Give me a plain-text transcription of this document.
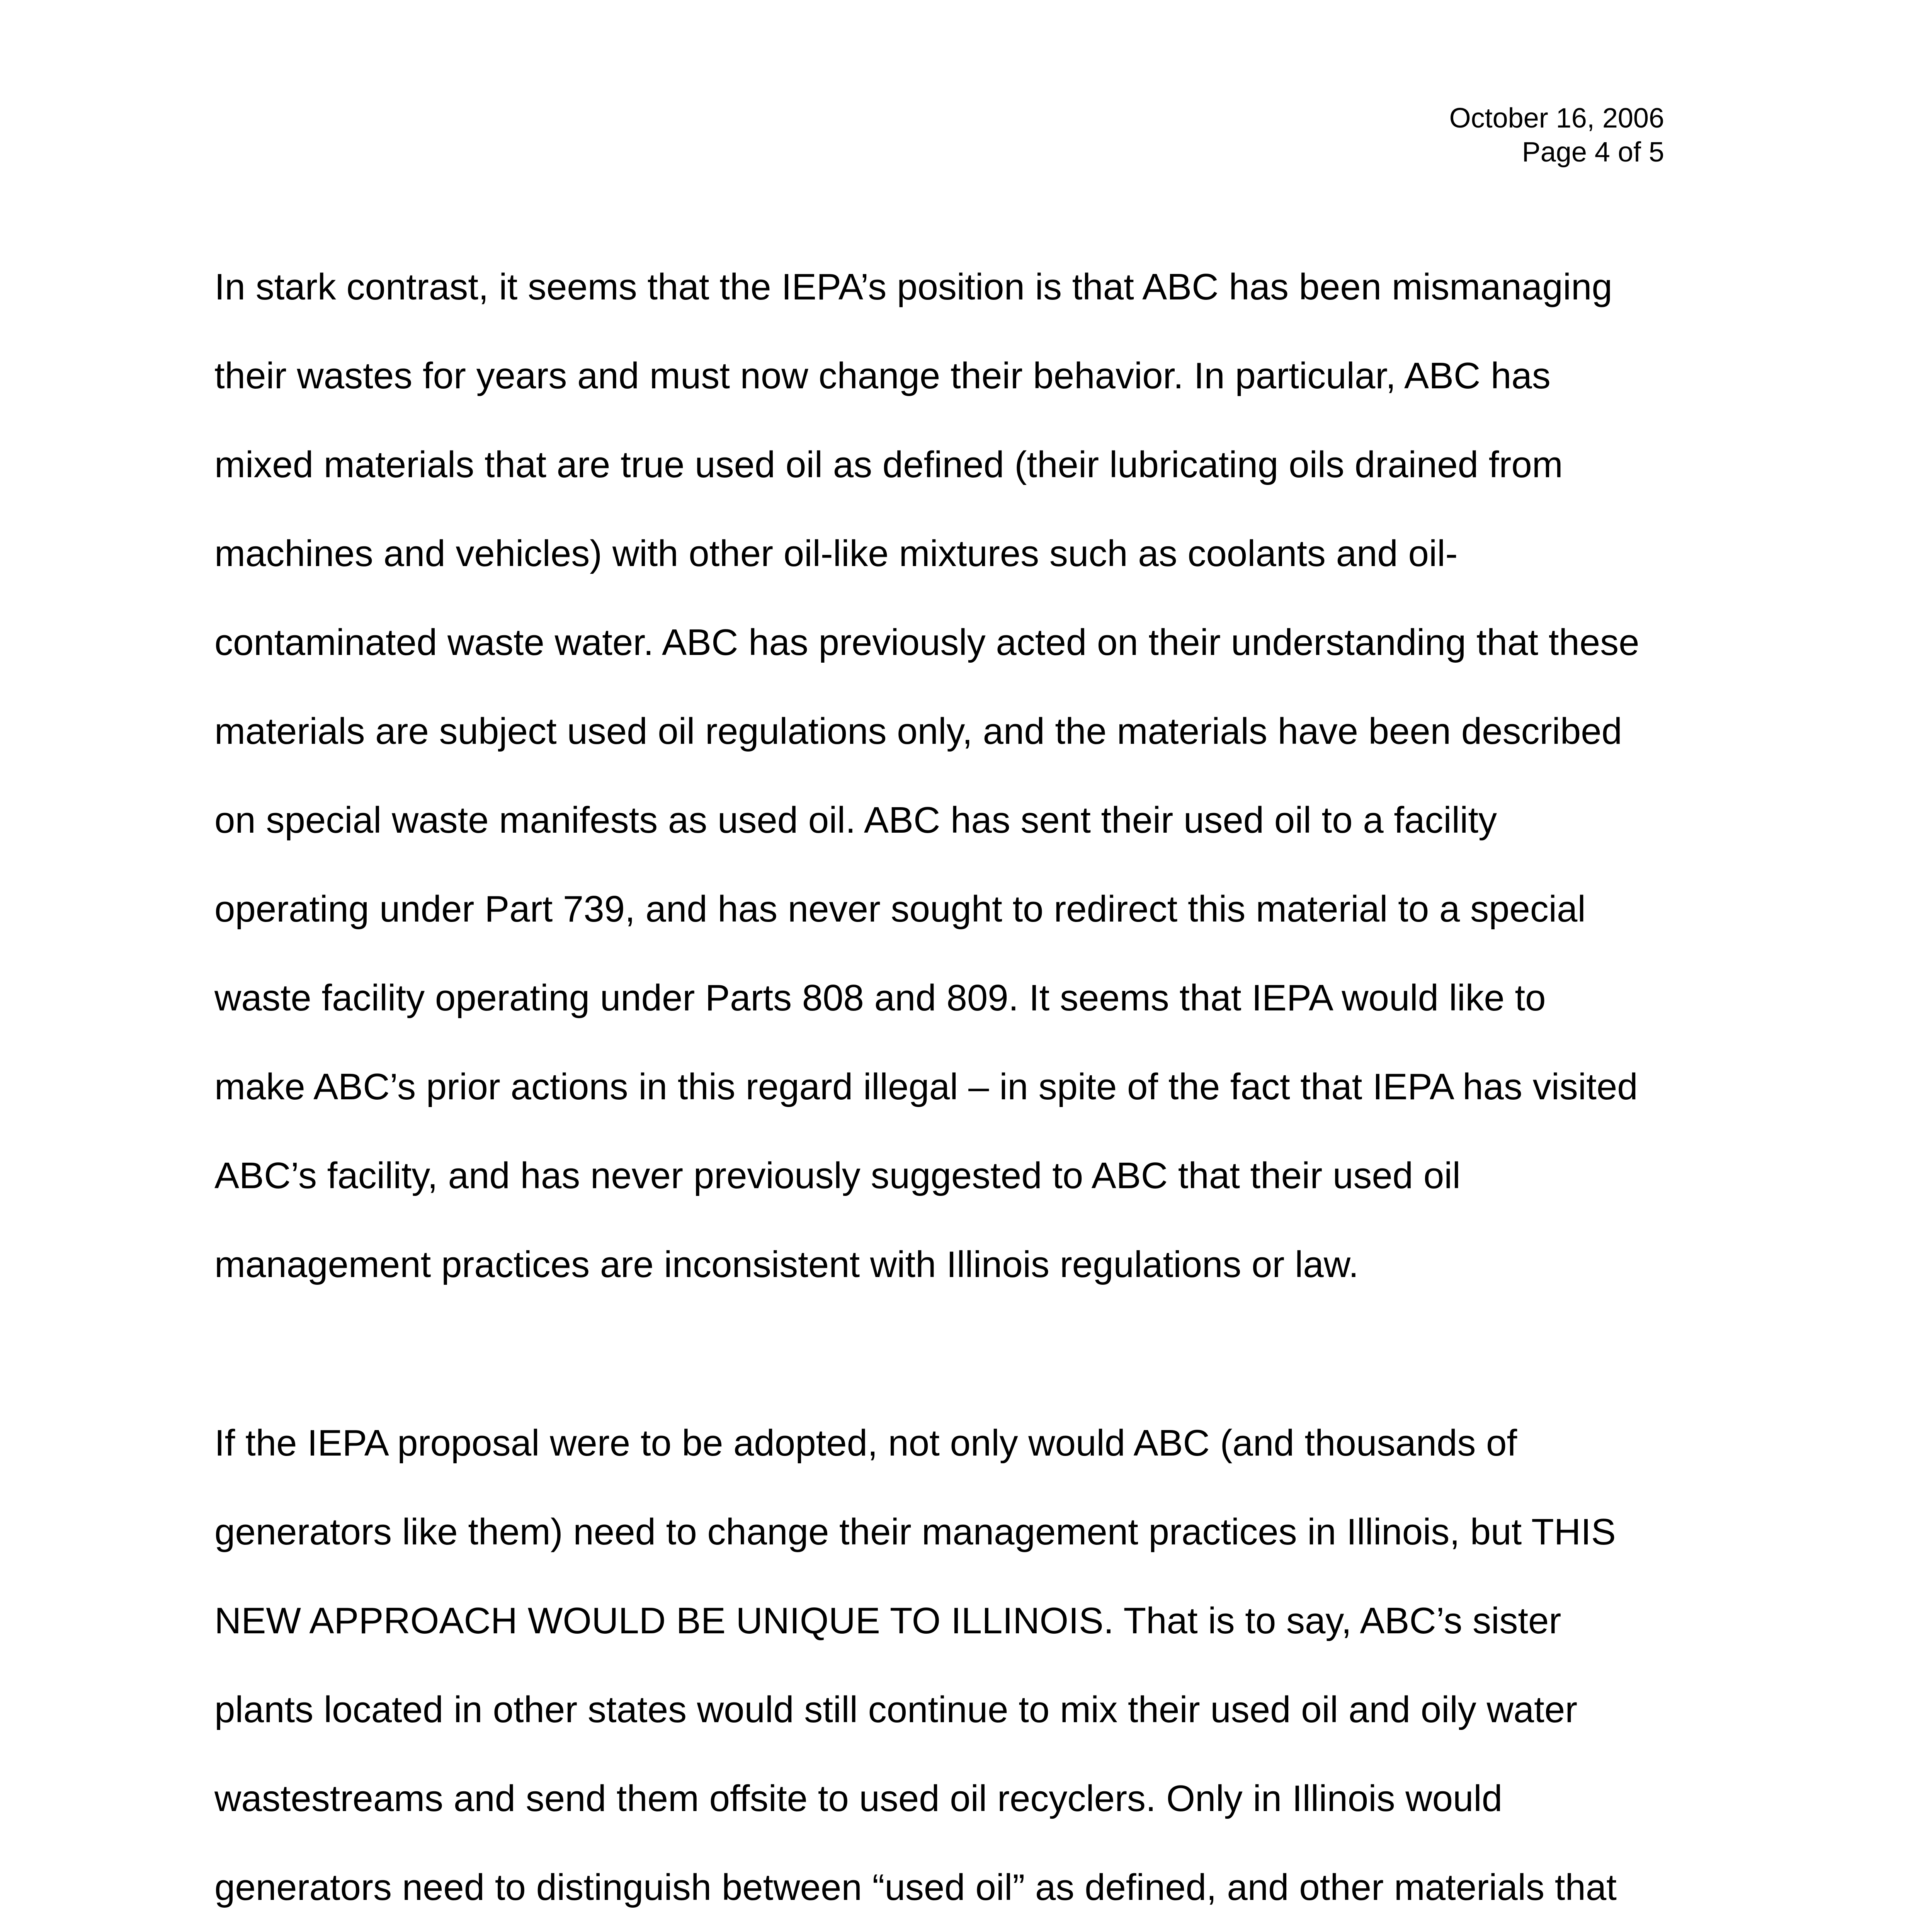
October 16, 2006
Page 4 of 5
In stark contrast, it seems that the IEPA’s position is that ABC has been mismanaging
their wastes for years and must now change their behavior. In particular, ABC has
mixed materials that are true used oil as defined (their lubricating oils drained from
machines and vehicles) with other oil-like mixtures such as coolants and oil-
contaminated waste water. ABC has previously acted on their understanding that these
materials are subject used oil regulations only, and the materials have been described
on special waste manifests as used oil. ABC has sent their used oil to a facility
operating under Part 739, and has never sought to redirect this material to a special
waste facility operating under Parts 808 and 809. It seems that IEPA would like to
make ABC’s prior actions in this regard illegal – in spite of the fact that IEPA has visited
ABC’s facility, and has never previously suggested to ABC that their used oil
management practices are inconsistent with Illinois regulations or law.
If the IEPA proposal were to be adopted, not only would ABC (and thousands of
generators like them) need to change their management practices in Illinois, but THIS
NEW APPROACH WOULD BE UNIQUE TO ILLINOIS. That is to say, ABC’s sister
plants located in other states would still continue to mix their used oil and oily water
wastestreams and send them offsite to used oil recyclers. Only in Illinois would
generators need to distinguish between “used oil” as defined, and other materials that
